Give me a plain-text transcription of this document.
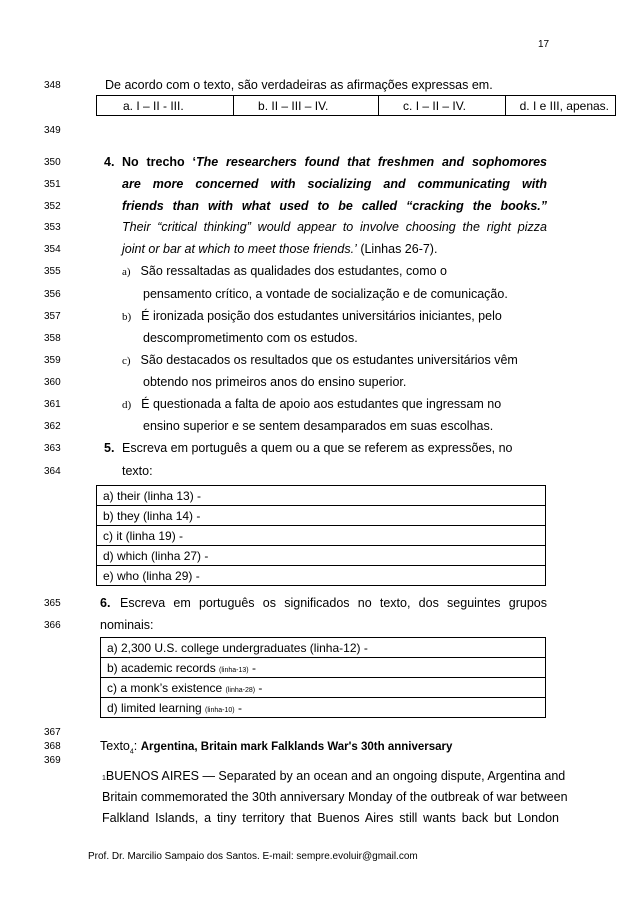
17
348
349
350
351
352
353
354
355
356
357
358
359
360
361
362
363
364
365
366
367
368
369
De acordo com o texto, são verdadeiras as afirmações expressas em.
a. I – II - III.	b. II – III – IV.	c. I – II – IV.	d. I e III, apenas.
4. No trecho ‘The researchers found that freshmen and sophomores
are more concerned with socializing and communicating with
friends than with what used to be called “cracking the books.”
Their “critical thinking” would appear to involve choosing the right pizza
joint or bar at which to meet those friends.’ (Linhas 26-7).
a) São ressaltadas as qualidades dos estudantes, como o
pensamento crítico, a vontade de socialização e de comunicação.
b) É ironizada posição dos estudantes universitários iniciantes, pelo
descomprometimento com os estudos.
c) São destacados os resultados que os estudantes universitários vêm
obtendo nos primeiros anos do ensino superior.
d) É questionada a falta de apoio aos estudantes que ingressam no
ensino superior e se sentem desamparados em suas escolhas.
5. Escreva em português a quem ou a que se referem as expressões, no
texto:
a) their (linha 13) -
b) they (linha 14) -
c) it (linha 19) -
d) which (linha 27) -
e) who (linha 29) -
6. Escreva em português os significados no texto, dos seguintes grupos
nominais:
a) 2,300 U.S. college undergraduates (linha-12) -
b) academic records (linha-13) -
c) a monk’s existence (linha-28) -
d) limited learning (linha-10) -
Texto$_4$: Argentina, Britain mark Falklands War's 30th anniversary
1BUENOS AIRES — Separated by an ocean and an ongoing dispute, Argentina and
Britain commemorated the 30th anniversary Monday of the outbreak of war between
Falkland Islands, a tiny territory that Buenos Aires still wants back but London
Prof. Dr. Marcilio Sampaio dos Santos. E-mail: sempre.evoluir@gmail.com
